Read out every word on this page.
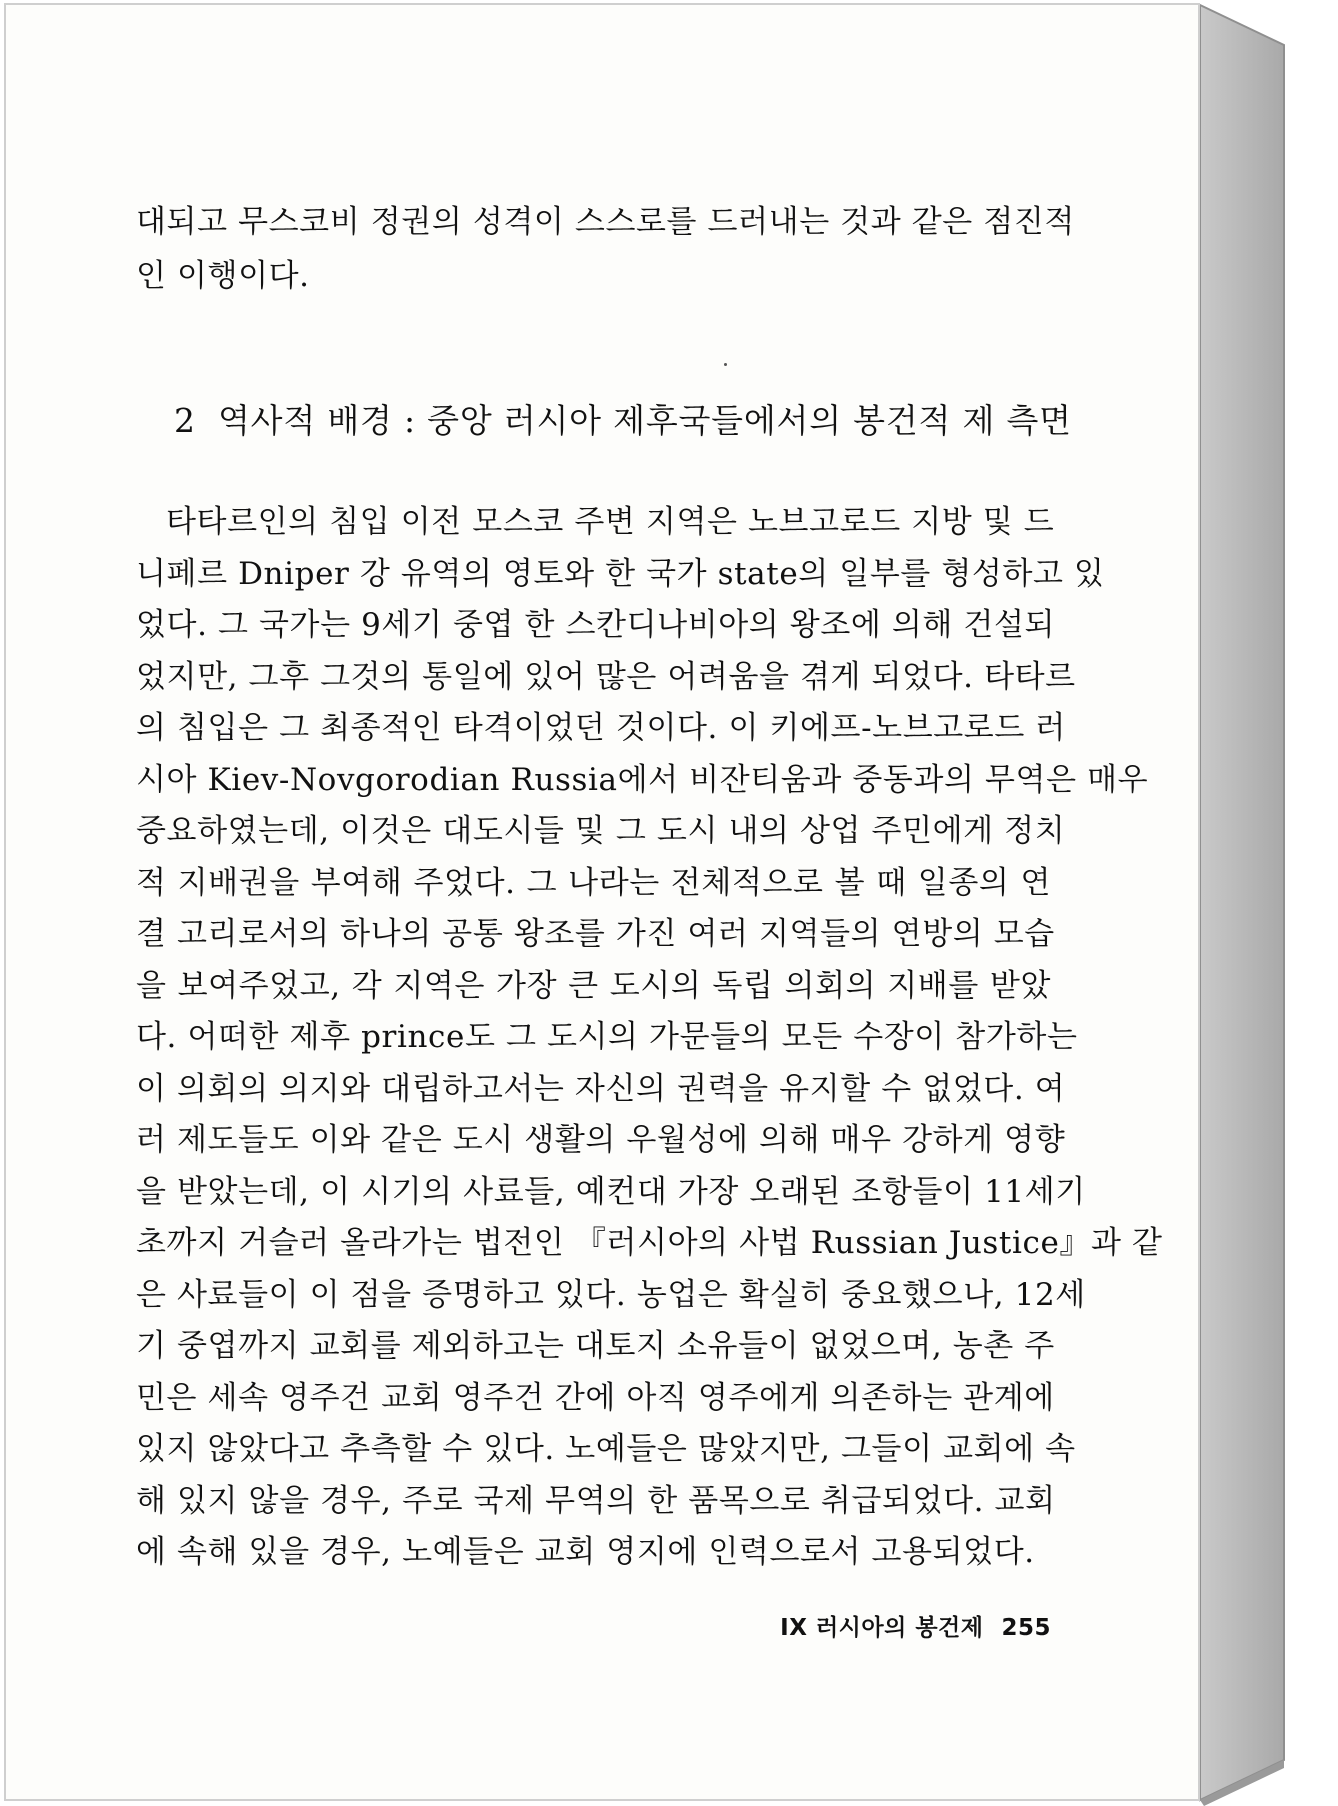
대되고 무스코비 정권의 성격이 스스로를 드러내는 것과 같은 점진적
인 이행이다.
2 역사적 배경 : 중앙 러시아 제후국들에서의 봉건적 제 측면
타타르인의 침입 이전 모스코 주변 지역은 노브고로드 지방 및 드
니페르 Dniper 강 유역의 영토와 한 국가 state의 일부를 형성하고 있
었다. 그 국가는 9세기 중엽 한 스칸디나비아의 왕조에 의해 건설되
었지만, 그후 그것의 통일에 있어 많은 어려움을 겪게 되었다. 타타르
의 침입은 그 최종적인 타격이었던 것이다. 이 키에프-노브고로드 러
시아 Kiev-Novgorodian Russia에서 비잔티움과 중동과의 무역은 매우
중요하였는데, 이것은 대도시들 및 그 도시 내의 상업 주민에게 정치
적 지배권을 부여해 주었다. 그 나라는 전체적으로 볼 때 일종의 연
결 고리로서의 하나의 공통 왕조를 가진 여러 지역들의 연방의 모습
을 보여주었고, 각 지역은 가장 큰 도시의 독립 의회의 지배를 받았
다. 어떠한 제후 prince도 그 도시의 가문들의 모든 수장이 참가하는
이 의회의 의지와 대립하고서는 자신의 권력을 유지할 수 없었다. 여
러 제도들도 이와 같은 도시 생활의 우월성에 의해 매우 강하게 영향
을 받았는데, 이 시기의 사료들, 예컨대 가장 오래된 조항들이 11세기
초까지 거슬러 올라가는 법전인 『러시아의 사법 Russian Justice』과 같
은 사료들이 이 점을 증명하고 있다. 농업은 확실히 중요했으나, 12세
기 중엽까지 교회를 제외하고는 대토지 소유들이 없었으며, 농촌 주
민은 세속 영주건 교회 영주건 간에 아직 영주에게 의존하는 관계에
있지 않았다고 추측할 수 있다. 노예들은 많았지만, 그들이 교회에 속
해 있지 않을 경우, 주로 국제 무역의 한 품목으로 취급되었다. 교회
에 속해 있을 경우, 노예들은 교회 영지에 인력으로서 고용되었다.
IX 러시아의 봉건제 255
